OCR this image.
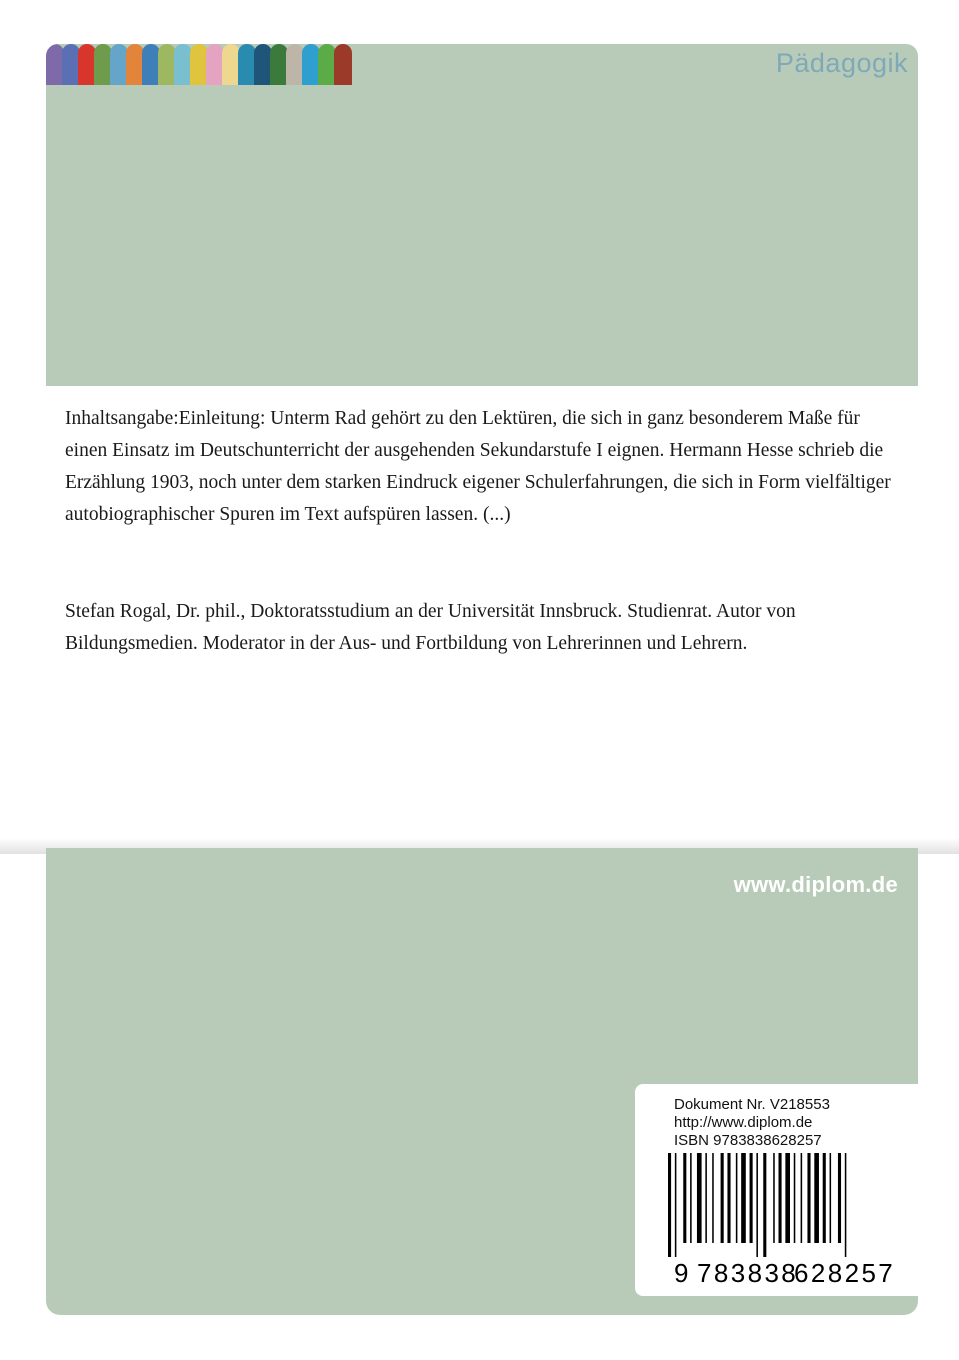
Pädagogik

Inhaltsangabe:Einleitung: Unterm Rad gehört zu den Lektüren, die sich in ganz besonderem Maße für einen Einsatz im Deutschunterricht der ausgehenden Sekundarstufe I eignen. Hermann Hesse schrieb die Erzählung 1903, noch unter dem starken Eindruck eigener Schulerfahrungen, die sich in Form vielfältiger autobiographischer Spuren im Text aufspüren lassen. (...)

Stefan Rogal, Dr. phil., Doktoratsstudium an der Universität Innsbruck. Studienrat. Autor von Bildungsmedien. Moderator in der Aus- und Fortbildung von Lehrerinnen und Lehrern.

www.diplom.de
Dokument Nr. V218553
http://www.diplom.de
ISBN 9783838628257
9 783838
628257
